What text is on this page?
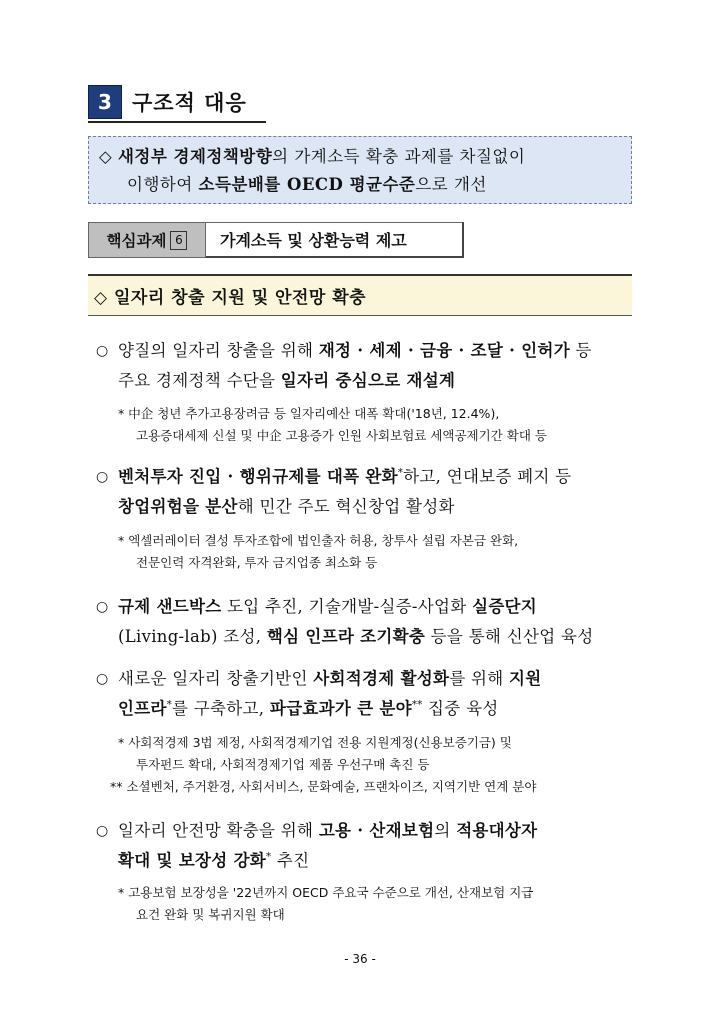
3 구조적 대응
◇ 새정부 경제정책방향의 가계소득 확충 과제를 차질없이
이행하여 소득분배를 OECD 평균수준으로 개선
핵심과제 6	가계소득 및 상환능력 제고
◇ 일자리 창출 지원 및 안전망 확충
○ 양질의 일자리 창출을 위해 재정 · 세제 · 금융 · 조달 · 인허가 등
주요 경제정책 수단을 일자리 중심으로 재설계
* 中企 청년 추가고용장려금 등 일자리예산 대폭 확대('18년, 12.4%),
고용증대세제 신설 및 中企 고용증가 인원 사회보험료 세액공제기간 확대 등
○ 벤처투자 진입 · 행위규제를 대폭 완화*하고, 연대보증 폐지 등
창업위험을 분산해 민간 주도 혁신창업 활성화
* 엑셀러레이터 결성 투자조합에 법인출자 허용, 창투사 설립 자본금 완화,
전문인력 자격완화, 투자 금지업종 최소화 등
○ 규제 샌드박스 도입 추진, 기술개발-실증-사업화 실증단지
(Living-lab) 조성, 핵심 인프라 조기확충 등을 통해 신산업 육성
○ 새로운 일자리 창출기반인 사회적경제 활성화를 위해 지원
인프라*를 구축하고, 파급효과가 큰 분야** 집중 육성
* 사회적경제 3법 제정, 사회적경제기업 전용 지원계정(신용보증기금) 및
투자펀드 확대, 사회적경제기업 제품 우선구매 촉진 등
** 소셜벤처, 주거환경, 사회서비스, 문화예술, 프랜차이즈, 지역기반 연계 분야
○ 일자리 안전망 확충을 위해 고용 · 산재보험의 적용대상자
확대 및 보장성 강화* 추진
* 고용보험 보장성을 '22년까지 OECD 주요국 수준으로 개선, 산재보험 지급
요건 완화 및 복귀지원 확대
- 36 -
